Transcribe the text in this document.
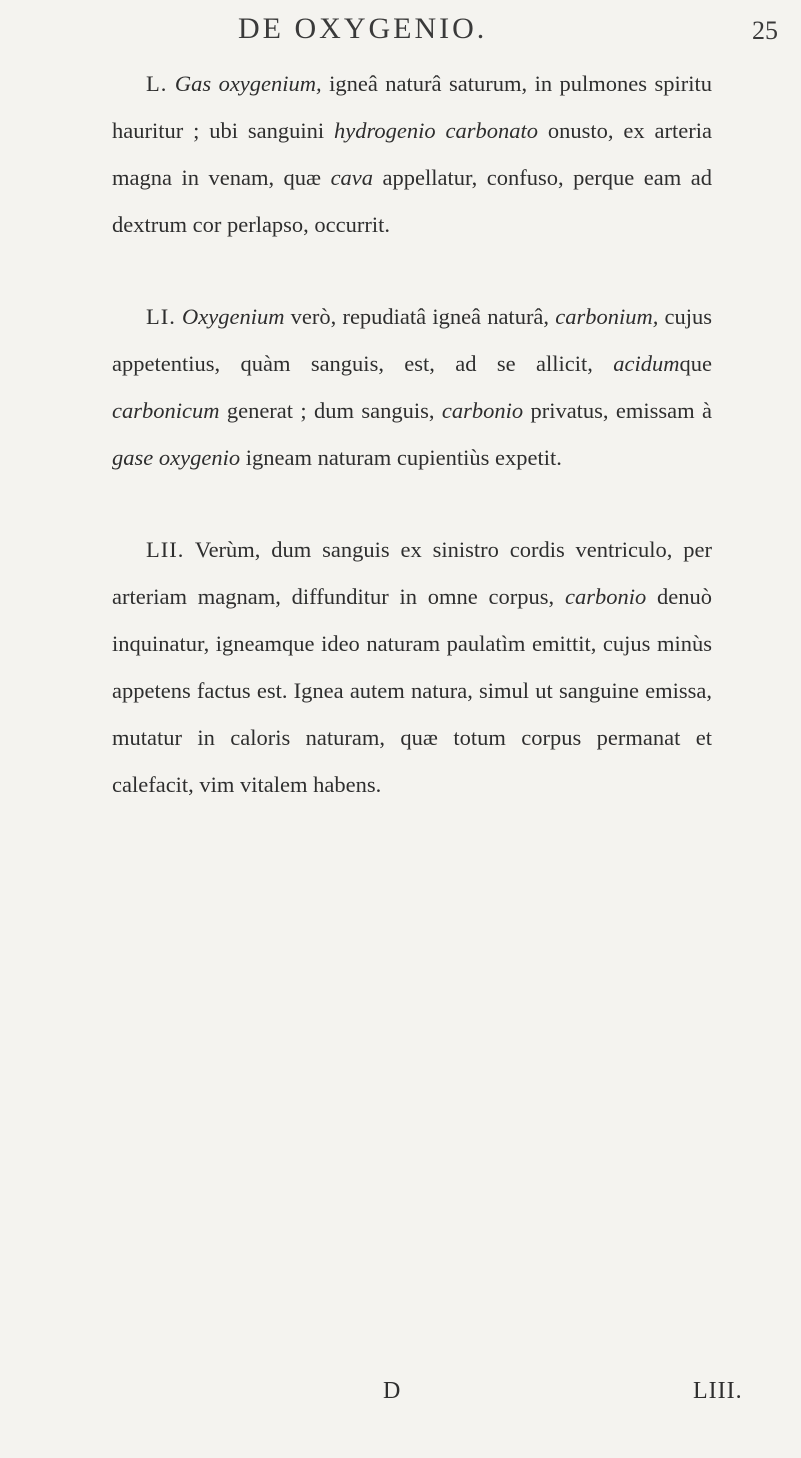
DE OXYGENIO.	25

L. Gas oxygenium, igneâ naturâ saturum, in pulmones spiritu hauritur ; ubi sanguini hydrogenio carbonato onusto, ex arteria magna in venam, quæ cava appellatur, confuso, perque eam ad dextrum cor perlapso, occurrit.

LI. Oxygenium verò, repudiatâ igneâ naturâ, carbonium, cujus appetentius, quàm sanguis, est, ad se allicit, acidumque carbonicum generat ; dum sanguis, carbonio privatus, emissam à gase oxygenio igneam naturam cupientiùs expetit.

LII. Verùm, dum sanguis ex sinistro cordis ventriculo, per arteriam magnam, diffunditur in omne corpus, carbonio denuò inquinatur, igneamque ideo naturam paulatìm emittit, cujus minùs appetens factus est. Ignea autem natura, simul ut sanguine emissa, mutatur in caloris naturam, quæ totum corpus permanat et calefacit, vim vitalem habens.

D	LIII.
